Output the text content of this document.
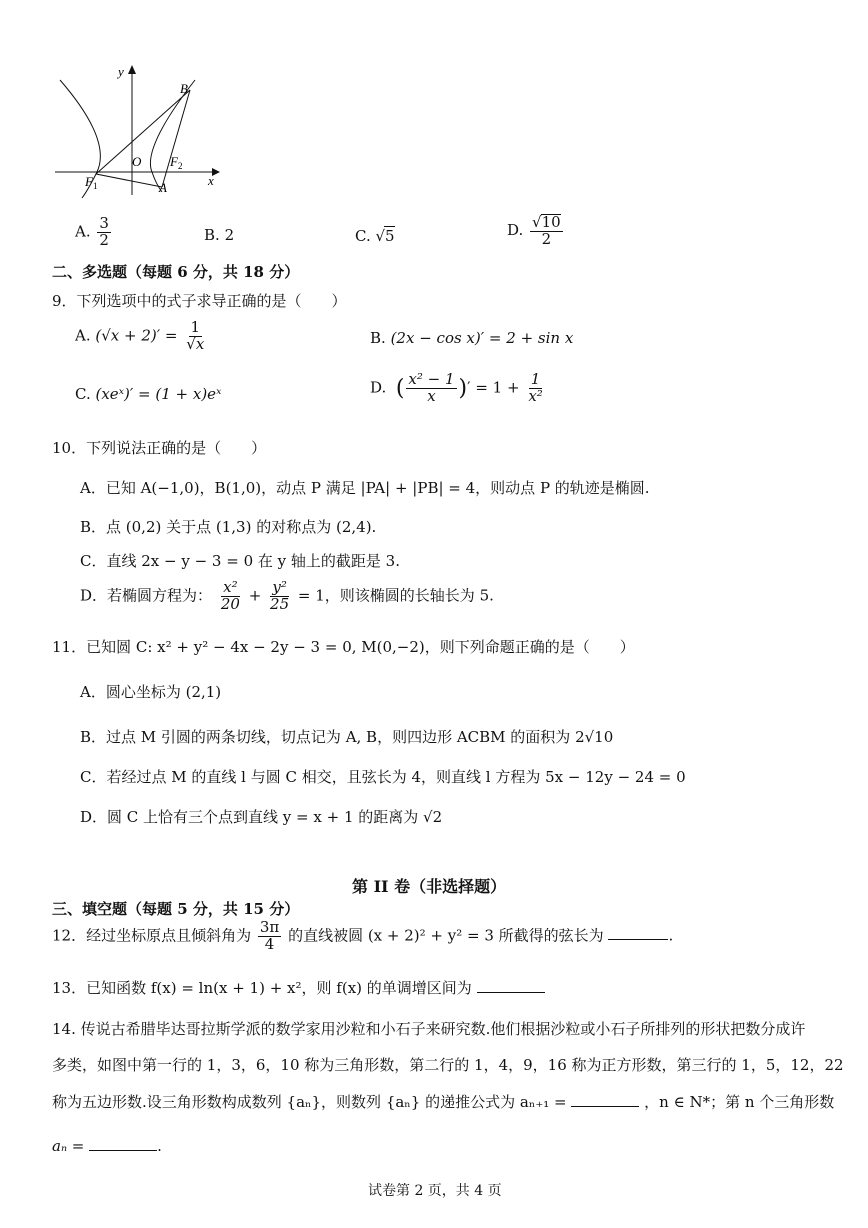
y
x
O
B
A
$F_1$
$F_2$
A. $\frac{3}{2}$	B. 2	C. √5	D. $\frac{√10}{2}$
二、多选题（每题 6 分，共 18 分）
9．下列选项中的式子求导正确的是（　　）
A. $(√x + 2)' = \frac{1}{√x}$	B. (2x − cos x)′ = 2 + sin x
C. (xeˣ)′ = (1 + x)eˣ	D. ( $\frac{\text{x² − 1}}{x}$ )′ = $1 + \frac{1}{\text{x²}}$
10．下列说法正确的是（　　）
A．已知 A(−1,0)，B(1,0)，动点 P 满足 |PA| + |PB| = 4，则动点 P 的轨迹是椭圆.
B．点 (0,2) 关于点 (1,3) 的对称点为 (2,4).
C．直线 2x − y − 3 = 0 在 y 轴上的截距是 3.
D．若椭圆方程为： $\frac{\text{x²}}{20} + \frac{\text{y²}}{25} = 1$，则该椭圆的长轴长为 5.
11．已知圆 C: x² + y² − 4x − 2y − 3 = 0, M(0,−2)，则下列命题正确的是（　　）
A．圆心坐标为 (2,1)
B．过点 M 引圆的两条切线，切点记为 A, B，则四边形 ACBM 的面积为 2√10
C．若经过点 M 的直线 l 与圆 C 相交，且弦长为 4，则直线 l 方程为 5x − 12y − 24 = 0
D．圆 C 上恰有三个点到直线 y = x + 1 的距离为 √2
第 II 卷（非选择题）
三、填空题（每题 5 分，共 15 分）
12．经过坐标原点且倾斜角为 $\frac{3\pi}{4}$ 的直线被圆 (x + 2)² + y² = 3 所截得的弦长为	.
13．已知函数 f(x) = ln(x + 1) + x²，则 f(x) 的单调增区间为
14. 传说古希腊毕达哥拉斯学派的数学家用沙粒和小石子来研究数.他们根据沙粒或小石子所排列的形状把数分成许
多类，如图中第一行的 1，3，6，10 称为三角形数，第二行的 1，4，9，16 称为正方形数，第三行的 1，5，12，22
称为五边形数.设三角形数构成数列 {aₙ}，则数列 {aₙ} 的递推公式为 aₙ₊₁ =	，n ∈ N*；第 n 个三角形数
aₙ =	.
试卷第 2 页，共 4 页
